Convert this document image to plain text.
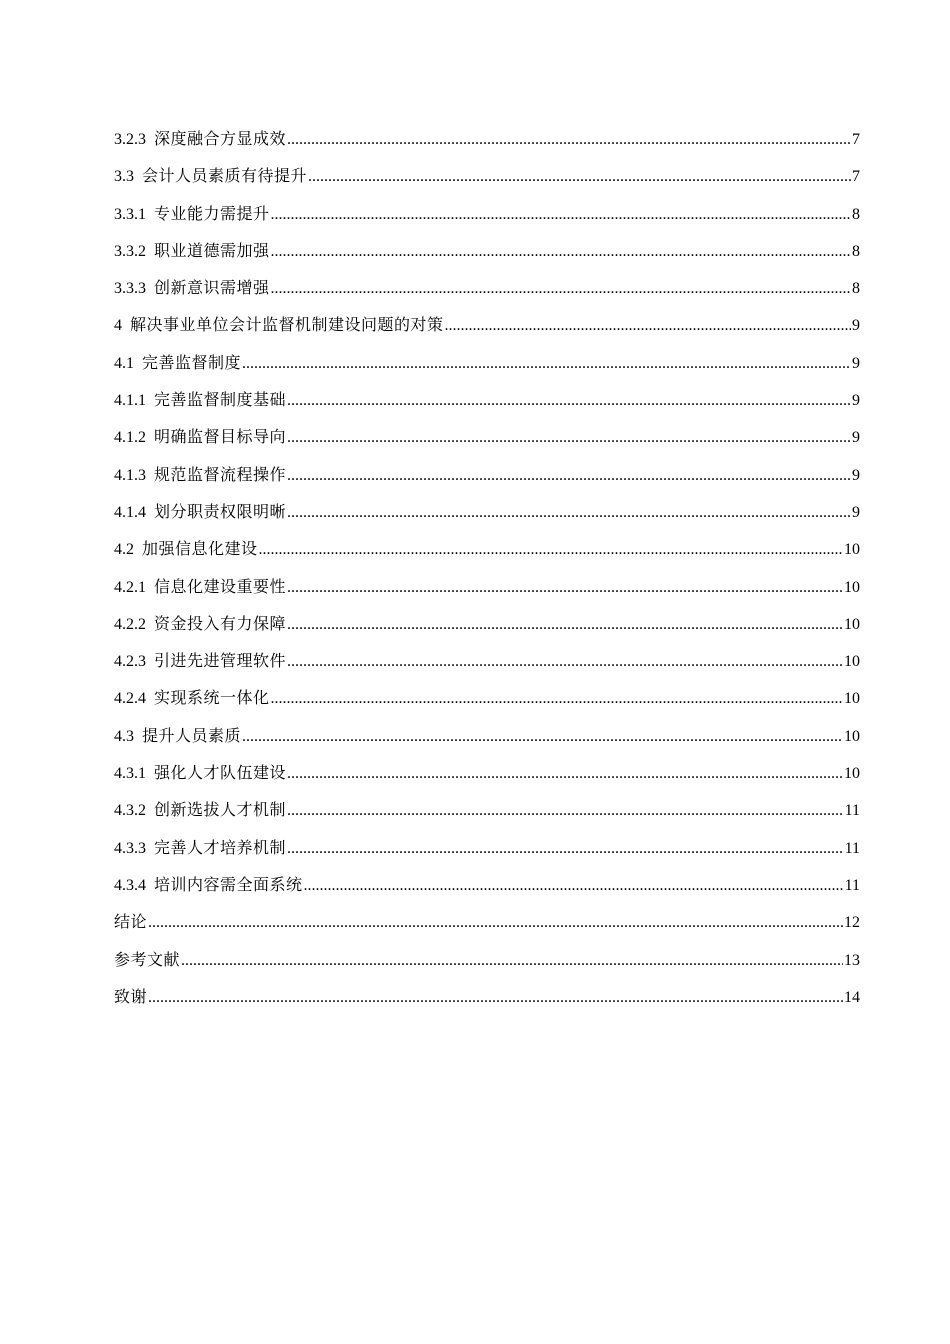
3.2.3 深度融合方显成效 .....	7
3.3 会计人员素质有待提升 .....	7
3.3.1 专业能力需提升 .....	8
3.3.2 职业道德需加强 .....	8
3.3.3 创新意识需增强 .....	8
4 解决事业单位会计监督机制建设问题的对策 .....	9
4.1 完善监督制度 .....	9
4.1.1 完善监督制度基础 .....	9
4.1.2 明确监督目标导向 .....	9
4.1.3 规范监督流程操作 .....	9
4.1.4 划分职责权限明晰 .....	9
4.2 加强信息化建设 .....	10
4.2.1 信息化建设重要性 .....	10
4.2.2 资金投入有力保障 .....	10
4.2.3 引进先进管理软件 .....	10
4.2.4 实现系统一体化 .....	10
4.3 提升人员素质 .....	10
4.3.1 强化人才队伍建设 .....	10
4.3.2 创新选拔人才机制 .....	11
4.3.3 完善人才培养机制 .....	11
4.3.4 培训内容需全面系统 .....	11
结论 .....	12
参考文献 .....	13
致谢 .....	14
